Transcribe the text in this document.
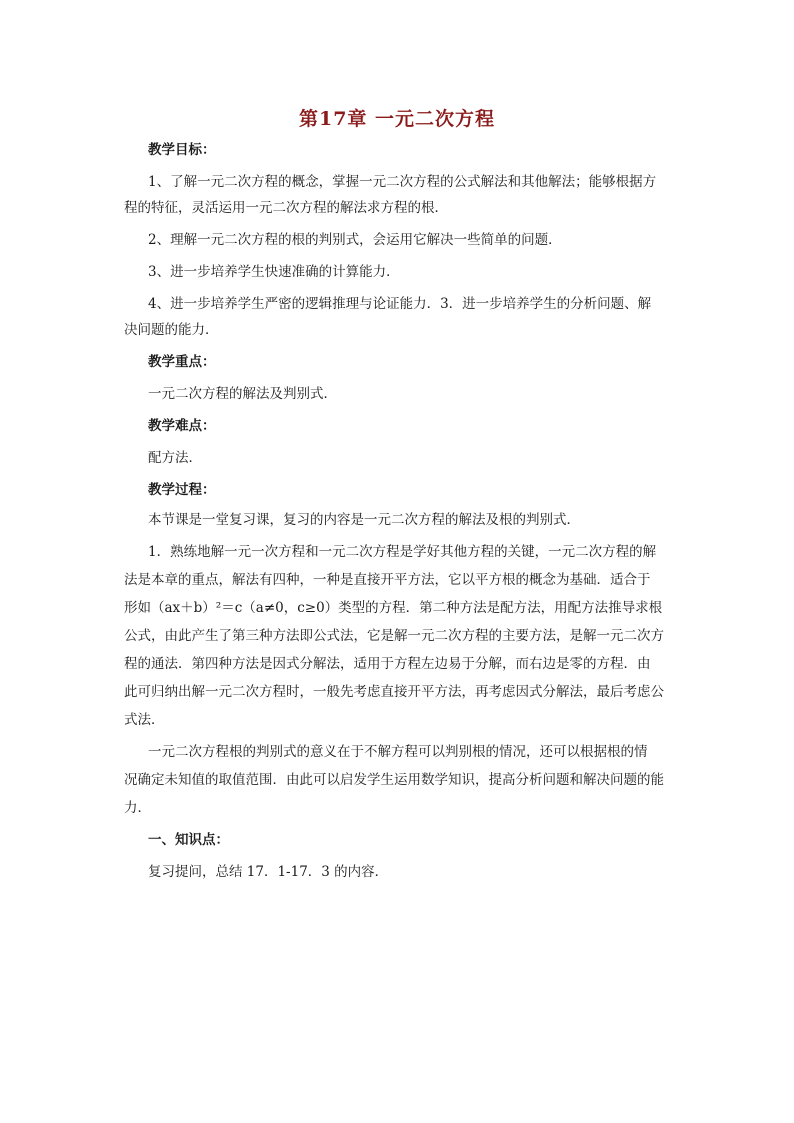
第17章 一元二次方程
教学目标：
1、了解一元二次方程的概念，掌握一元二次方程的公式解法和其他解法；能够根据方
程的特征，灵活运用一元二次方程的解法求方程的根．
2、理解一元二次方程的根的判别式，会运用它解决一些简单的问题．
3、进一步培养学生快速准确的计算能力．
4、进一步培养学生严密的逻辑推理与论证能力．3．进一步培养学生的分析问题、解
决问题的能力．
教学重点：
一元二次方程的解法及判别式．
教学难点：
配方法．
教学过程：
本节课是一堂复习课，复习的内容是一元二次方程的解法及根的判别式．
1．熟练地解一元一次方程和一元二次方程是学好其他方程的关键，一元二次方程的解
法是本章的重点，解法有四种，一种是直接开平方法，它以平方根的概念为基础．适合于
形如（ax＋b）²＝c（a≠0，c≥0）类型的方程．第二种方法是配方法，用配方法推导求根
公式，由此产生了第三种方法即公式法，它是解一元二次方程的主要方法，是解一元二次方
程的通法．第四种方法是因式分解法，适用于方程左边易于分解，而右边是零的方程．由
此可归纳出解一元二次方程时，一般先考虑直接开平方法，再考虑因式分解法，最后考虑公
式法．
一元二次方程根的判别式的意义在于不解方程可以判别根的情况，还可以根据根的情
况确定未知值的取值范围．由此可以启发学生运用数学知识，提高分析问题和解决问题的能
力．
一、知识点：
复习提问，总结 17．1-17．3 的内容．
